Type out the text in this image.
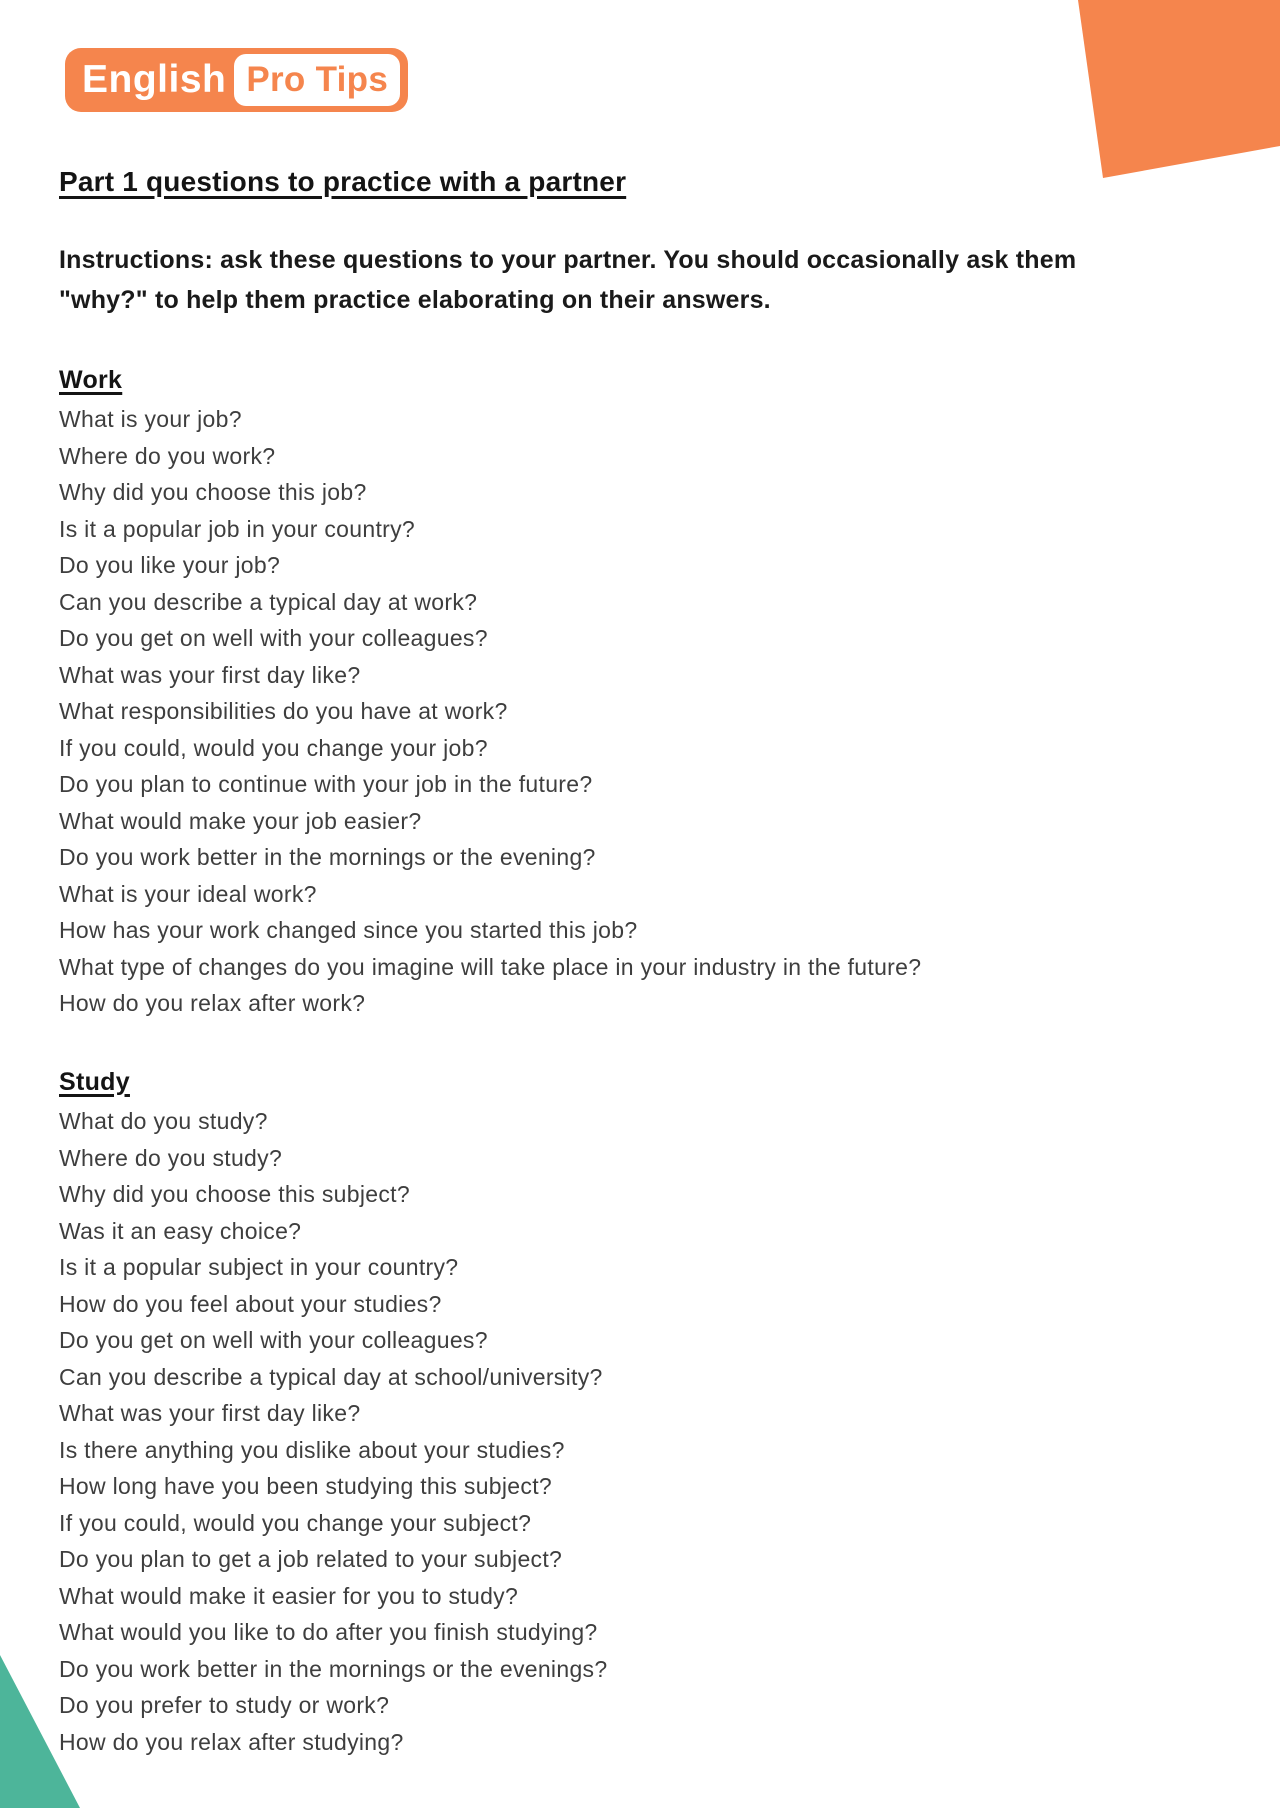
English Pro Tips
Part 1 questions to practice with a partner

Instructions: ask these questions to your partner. You should occasionally ask them "why?" to help them practice elaborating on their answers.

Work
What is your job?
Where do you work?
Why did you choose this job?
Is it a popular job in your country?
Do you like your job?
Can you describe a typical day at work?
Do you get on well with your colleagues?
What was your first day like?
What responsibilities do you have at work?
If you could, would you change your job?
Do you plan to continue with your job in the future?
What would make your job easier?
Do you work better in the mornings or the evening?
What is your ideal work?
How has your work changed since you started this job?
What type of changes do you imagine will take place in your industry in the future?
How do you relax after work?
Study
What do you study?
Where do you study?
Why did you choose this subject?
Was it an easy choice?
Is it a popular subject in your country?
How do you feel about your studies?
Do you get on well with your colleagues?
Can you describe a typical day at school/university?
What was your first day like?
Is there anything you dislike about your studies?
How long have you been studying this subject?
If you could, would you change your subject?
Do you plan to get a job related to your subject?
What would make it easier for you to study?
What would you like to do after you finish studying?
Do you work better in the mornings or the evenings?
Do you prefer to study or work?
How do you relax after studying?
